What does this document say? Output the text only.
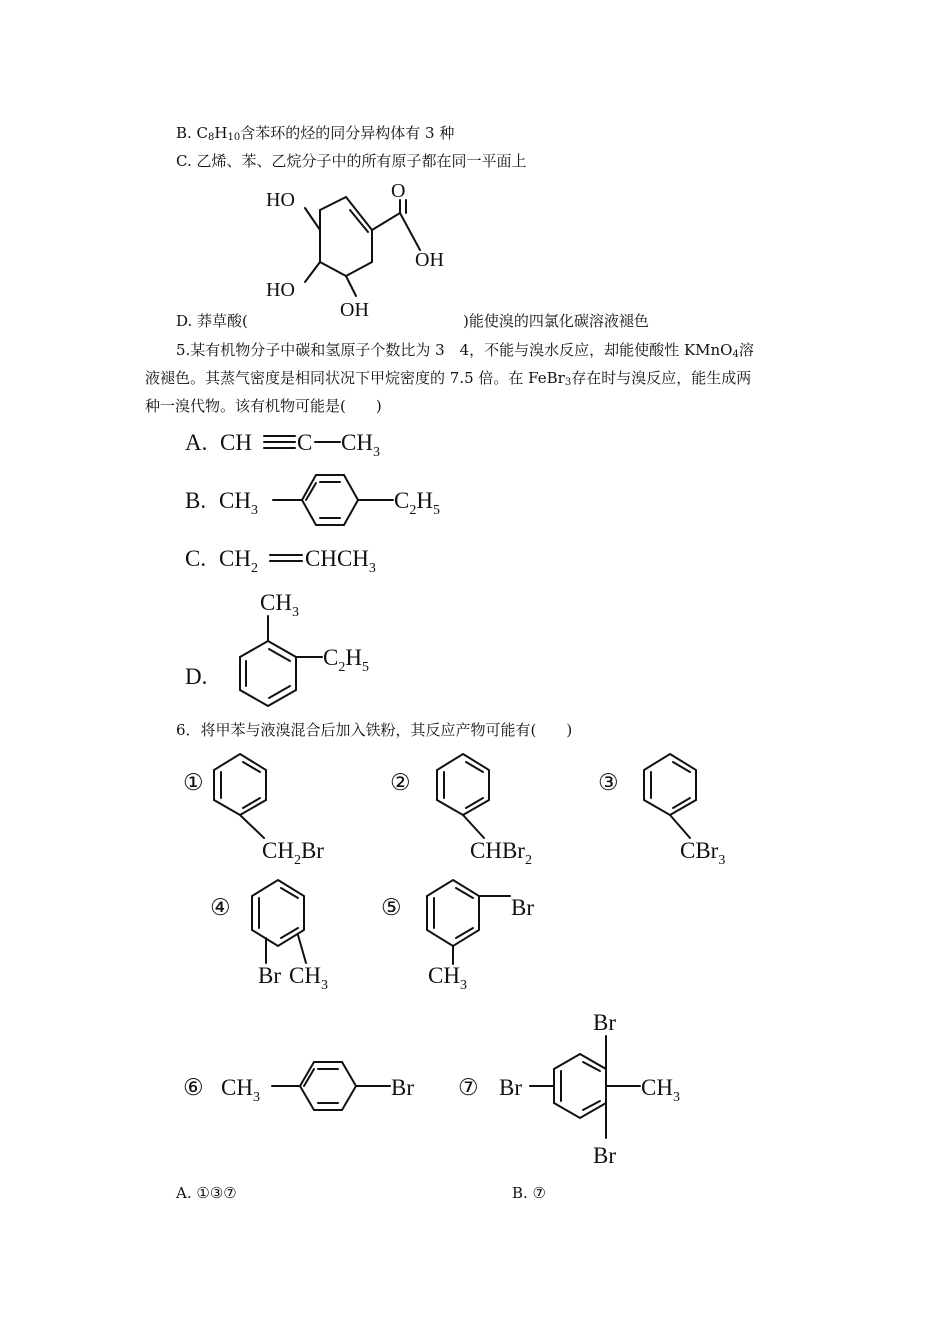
B. C8H10含苯环的烃的同分异构体有 3 种
C. 乙烯、苯、乙烷分子中的所有原子都在同一平面上
D. 莽草酸(	)能使溴的四氯化碳溶液褪色
5.某有机物分子中碳和氢原子个数比为 3　4，不能与溴水反应，却能使酸性 KMnO4溶
液褪色。其蒸气密度是相同状况下甲烷密度的 7.5 倍。在 FeBr3存在时与溴反应，能生成两
种一溴代物。该有机物可能是(　　)
6．将甲苯与液溴混合后加入铁粉，其反应产物可能有(　　)
A. ①③⑦	B. ⑦
HO
HO
OH
O
OH
A. CH C $CH_3$
B. $CH_3$	$C_2H_5$
C. $CH_2$ $CHCH_3$
D.
$CH_3$
$C_2H_5$
①	②	③
④	⑤
⑥	⑦
$CH_2Br$	CHBr$_2$	CBr$_3$
Br $CH_3$
Br
$CH_3$
$CH_3$	Br
Br
Br
Br
$CH_3$
